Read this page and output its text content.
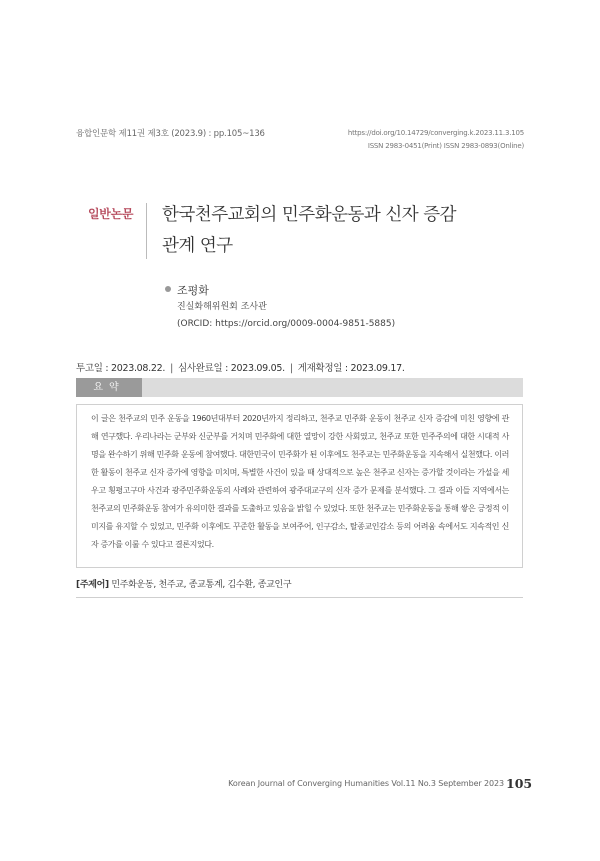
융합인문학 제11권 제3호 (2023.9) : pp.105~136	https://doi.org/10.14729/converging.k.2023.11.3.105
ISSN 2983-0451(Print) ISSN 2983-0893(Online)
일반논문 한국천주교회의 민주화운동과 신자 증감
관계 연구
조평화
진실화해위원회 조사관
(ORCID: https://orcid.org/0009-0004-9851-5885)
투고일 : 2023.08.22. | 심사완료일 : 2023.09.05. | 게재확정일 : 2023.09.17.
요약
이 글은 천주교의 민주 운동을 1960년대부터 2020년까지 정리하고, 천주교 민주화 운동이 천주교 신자 증감에 미친 영향에 관해 연구했다. 우리나라는 군부와 신군부를 거치며 민주화에 대한 열망이 강한 사회였고, 천주교 또한 민주주의에 대한 시대적 사명을 완수하기 위해 민주화 운동에 참여했다. 대한민국이 민주화가 된 이후에도 천주교는 민주화운동을 지속해서 실천했다. 이러한 활동이 천주교 신자 증가에 영향을 미치며, 특별한 사건이 있을 때 상대적으로 높은 천주교 신자는 증가할 것이라는 가설을 세우고 횡평고구마 사건과 광주민주화운동의 사례와 관련하여 광주대교구의 신자 증가 문제를 분석했다. 그 결과 이들 지역에서는 천주교의 민주화운동 참여가 유의미한 결과를 도출하고 있음을 밝힐 수 있었다. 또한 천주교는 민주화운동을 통해 쌓은 긍정적 이미지를 유지할 수 있었고, 민주화 이후에도 꾸준한 활동을 보여주어, 인구감소, 탈종교인감소 등의 어려움 속에서도 지속적인 신자 증가를 이룰 수 있다고 결론지었다.
[주제어] 민주화운동, 천주교, 종교통계, 김수환, 종교인구
Korean Journal of Converging Humanities Vol.11 No.3 September 2023 105
